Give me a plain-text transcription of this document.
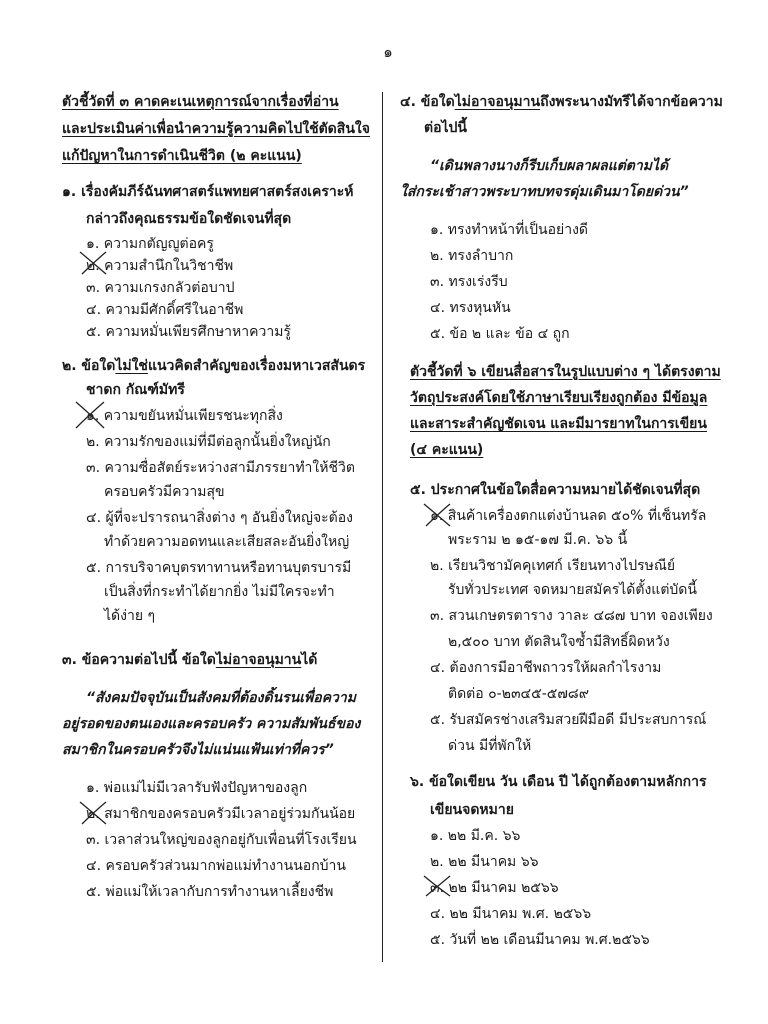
๑
ตัวชี้วัดที่ ๓ คาดคะเนเหตุการณ์จากเรื่องที่อ่าน
และประเมินค่าเพื่อนำความรู้ความคิดไปใช้ตัดสินใจ
แก้ปัญหาในการดำเนินชีวิต (๒ คะแนน)
๑. เรื่องคัมภีร์ฉันทศาสตร์แพทยศาสตร์สงเคราะห์
กล่าวถึงคุณธรรมข้อใดชัดเจนที่สุด
๑. ความกตัญญูต่อครู
๒. ความสำนึกในวิชาชีพ
๓. ความเกรงกลัวต่อบาป
๔. ความมีศักดิ์ศรีในอาชีพ
๕. ความหมั่นเพียรศึกษาหาความรู้
๒. ข้อใดไม่ใช่แนวคิดสำคัญของเรื่องมหาเวสสันดร
ชาดก กัณฑ์มัทรี
๑. ความขยันหมั่นเพียรชนะทุกสิ่ง
๒. ความรักของแม่ที่มีต่อลูกนั้นยิ่งใหญ่นัก
๓. ความซื่อสัตย์ระหว่างสามีภรรยาทำให้ชีวิต
ครอบครัวมีความสุข
๔. ผู้ที่จะปรารถนาสิ่งต่าง ๆ อันยิ่งใหญ่จะต้อง
ทำด้วยความอดทนและเสียสละอันยิ่งใหญ่
๕. การบริจาคบุตรทาทานหรือทานบุตรบารมี
เป็นสิ่งที่กระทำได้ยากยิ่ง ไม่มีใครจะทำ
ได้ง่าย ๆ
๓. ข้อความต่อไปนี้ ข้อใดไม่อาจอนุมานได้
“สังคมปัจจุบันเป็นสังคมที่ต้องดิ้นรนเพื่อความ
อยู่รอดของตนเองและครอบครัว ความสัมพันธ์ของ
สมาชิกในครอบครัวจึงไม่แน่นแฟ้นเท่าที่ควร”
๑. พ่อแม่ไม่มีเวลารับฟังปัญหาของลูก
๒. สมาชิกของครอบครัวมีเวลาอยู่ร่วมกันน้อย
๓. เวลาส่วนใหญ่ของลูกอยู่กับเพื่อนที่โรงเรียน
๔. ครอบครัวส่วนมากพ่อแม่ทำงานนอกบ้าน
๕. พ่อแม่ให้เวลากับการทำงานหาเลี้ยงชีพ
๔. ข้อใดไม่อาจอนุมานถึงพระนางมัทรีได้จากข้อความ
ต่อไปนี้
“เดินพลางนางก็รีบเก็บผลาผลแต่ตามได้
ใส่กระเช้าสาวพระบาทบทจรดุ่มเดินมาโดยด่วน”
๑. ทรงทำหน้าที่เป็นอย่างดี
๒. ทรงลำบาก
๓. ทรงเร่งรีบ
๔. ทรงหุนหัน
๕. ข้อ ๒ และ ข้อ ๔ ถูก
ตัวชี้วัดที่ ๖ เขียนสื่อสารในรูปแบบต่าง ๆ ได้ตรงตาม
วัตถุประสงค์โดยใช้ภาษาเรียบเรียงถูกต้อง มีข้อมูล
และสาระสำคัญชัดเจน และมีมารยาทในการเขียน
(๔ คะแนน)
๕. ประกาศในข้อใดสื่อความหมายได้ชัดเจนที่สุด
๑. สินค้าเครื่องตกแต่งบ้านลด ๕๐% ที่เซ็นทรัล
พระราม ๒ ๑๕-๑๗ มี.ค. ๖๖ นี้
๒. เรียนวิชามัคคุเทศก์ เรียนทางไปรษณีย์
รับทั่วประเทศ จดหมายสมัครได้ตั้งแต่บัดนี้
๓. สวนเกษตรตาราง วาละ ๔๘๗ บาท จองเพียง
๒,๕๐๐ บาท ตัดสินใจซ้ำมีสิทธิ์ผิดหวัง
๔. ต้องการมีอาชีพถาวรให้ผลกำไรงาม
ติดต่อ ๐-๒๓๔๕-๕๗๘๙
๕. รับสมัครช่างเสริมสวยฝีมือดี มีประสบการณ์
ด่วน มีที่พักให้
๖. ข้อใดเขียน วัน เดือน ปี ได้ถูกต้องตามหลักการ
เขียนจดหมาย
๑. ๒๒ มี.ค. ๖๖
๒. ๒๒ มีนาคม ๖๖
๓. ๒๒ มีนาคม ๒๕๖๖
๔. ๒๒ มีนาคม พ.ศ. ๒๕๖๖
๕. วันที่ ๒๒ เดือนมีนาคม พ.ศ.๒๕๖๖
